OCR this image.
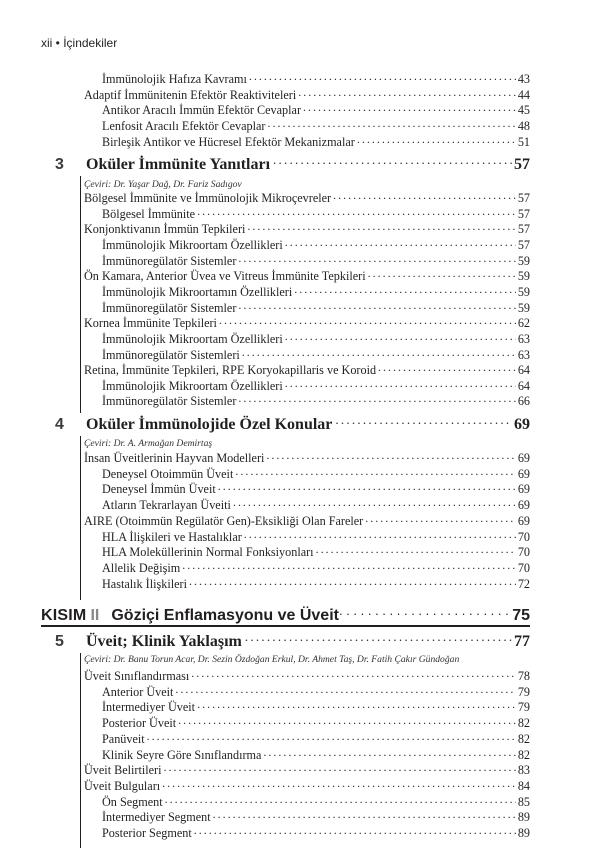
xii • İçindekiler
İmmünolojik Hafıza Kavramı . . .	43
Adaptif İmmünitenin Efektör Reaktiviteleri . . .	44
Antikor Aracılı İmmün Efektör Cevaplar . . .	45
Lenfosit Aracılı Efektör Cevaplar . . .	48
Birleşik Antikor ve Hücresel Efektör Mekanizmalar . . .	51
3	Oküler İmmünite Yanıtları . . .	57
Çeviri: Dr. Yaşar Dağ, Dr. Fariz Sadıgov
Bölgesel İmmünite ve İmmünolojik Mikroçevreler . . .	57
Bölgesel İmmünite . . .	57
Konjonktivanın İmmün Tepkileri . . .	57
İmmünolojik Mikroortam Özellikleri . . .	57
İmmünoregülatör Sistemler . . .	59
Ön Kamara, Anterior Üvea ve Vitreus İmmünite Tepkileri . . .	59
İmmünolojik Mikroortamın Özellikleri . . .	59
İmmünoregülatör Sistemler . . .	59
Kornea İmmünite Tepkileri . . .	62
İmmünolojik Mikroortam Özellikleri . . .	63
İmmünoregülatör Sistemleri . . .	63
Retina, İmmünite Tepkileri, RPE Koryokapillaris ve Koroid . . .	64
İmmünolojik Mikroortam Özellikleri . . .	64
İmmünoregülatör Sistemler . . .	66
4	Oküler İmmünolojide Özel Konular . . .	69
Çeviri: Dr. A. Armağan Demirtaş
İnsan Üveitlerinin Hayvan Modelleri . . .	69
Deneysel Otoimmün Üveit . . .	69
Deneysel İmmün Üveit . . .	69
Atların Tekrarlayan Üveiti . . .	69
AIRE (Otoimmün Regülatör Gen)-Eksikliği Olan Fareler . . .	69
HLA İlişkileri ve Hastalıklar . . .	70
HLA Moleküllerinin Normal Fonksiyonları . . .	70
Allelik Değişim . . .	70
Hastalık İlişkileri . . .	72
KISIM II Göziçi Enflamasyonu ve Üveit . . .	75
5	Üveit; Klinik Yaklaşım . . .	77
Çeviri: Dr. Banu Torun Acar, Dr. Sezin Özdoğan Erkul, Dr. Ahmet Taş, Dr. Fatih Çakır Gündoğan
Üveit Sınıflandırması . . .	78
Anterior Üveit . . .	79
İntermediyer Üveit . . .	79
Posterior Üveit . . .	82
Panüveit . . .	82
Klinik Seyre Göre Sınıflandırma . . .	82
Üveit Belirtileri . . .	83
Üveit Bulguları . . .	84
Ön Segment . . .	85
İntermediyer Segment . . .	89
Posterior Segment . . .	89
